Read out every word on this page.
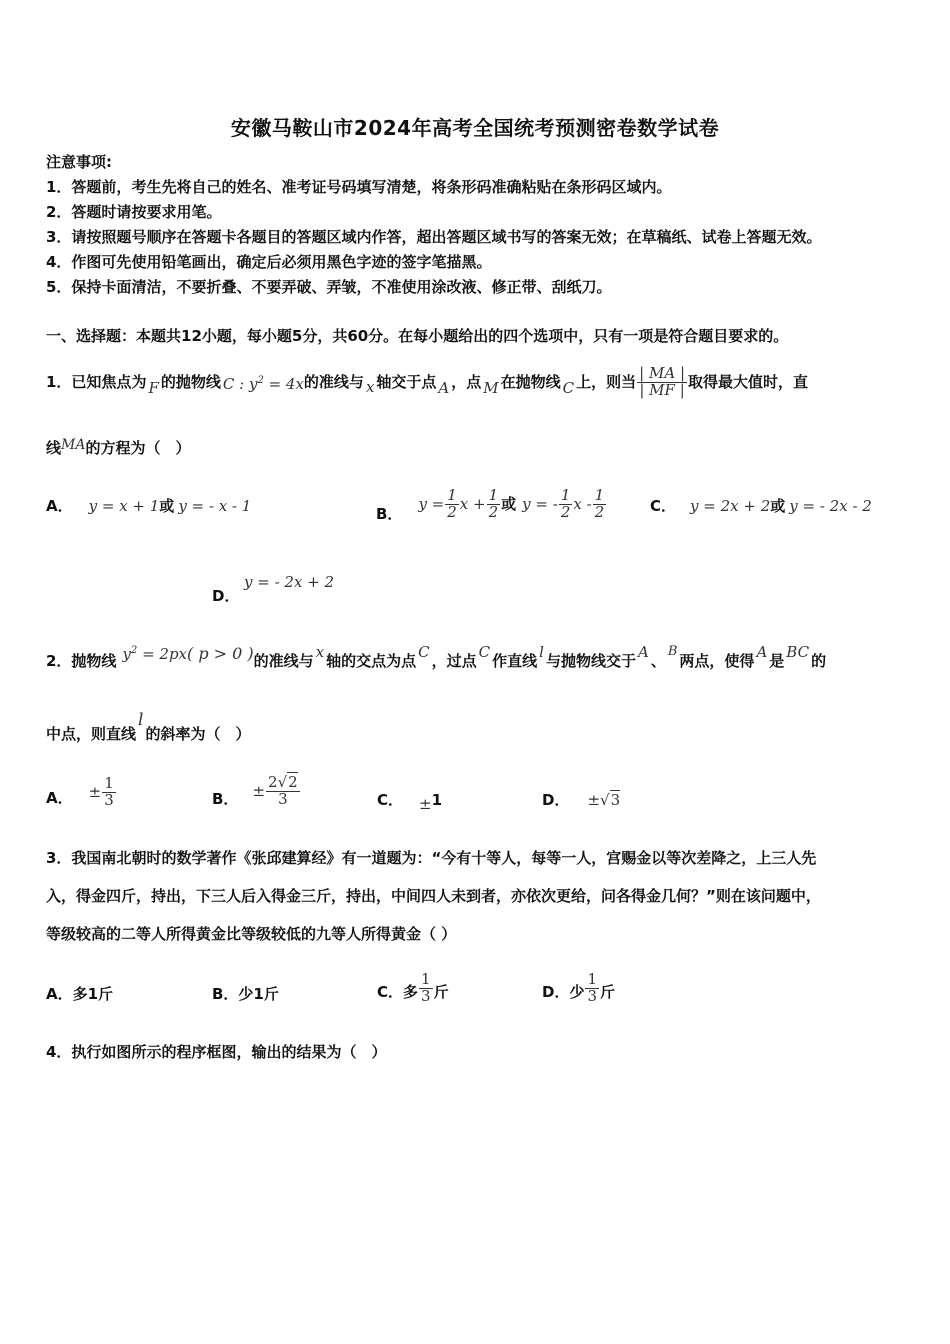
安徽马鞍山市2024年高考全国统考预测密卷数学试卷
注意事项:
1．答题前，考生先将自己的姓名、准考证号码填写清楚，将条形码准确粘贴在条形码区域内。
2．答题时请按要求用笔。
3．请按照题号顺序在答题卡各题目的答题区域内作答，超出答题区域书写的答案无效；在草稿纸、试卷上答题无效。
4．作图可先使用铅笔画出，确定后必须用黑色字迹的签字笔描黑。
5．保持卡面清洁，不要折叠、不要弄破、弄皱，不准使用涂改液、修正带、刮纸刀。
一、选择题：本题共12小题，每小题5分，共60分。在每小题给出的四个选项中，只有一项是符合题目要求的。
1．已知焦点为 F 的抛物线 C : $y^2 = 4x$ 的准线与 x 轴交于点 A ，点 M 在抛物线 C 上，则当 $\frac{| MA |}{| MF |}$ 取得最大值时，直
线MA的方程为（　）
A． y = x + 1 或 y = - x - 1	B．
$y = \frac{1}{2}$ $x + \frac{1}{2}$ 或 y = - $\frac{1}{2}$ x - $\frac{1}{2}$	C． y = 2x + 2 或 y = - 2x - 2
D．
y = - 2x + 2
2．抛物线 $y^2 = 2px$( p > 0 ) 的准线与 x 轴的交点为点 C ，过点 C 作直线 l 与抛物线交于 A 、
B
两点，使得 A 是 BC 的
中点，则直线
l
的斜率为（　）
A． ± $\frac{1}{3}$	B． ± $\frac{2√2}{3}$	C． ± 1	D． ± √3
3．我国南北朝时的数学著作《张邱建算经》有一道题为：“今有十等人，每等一人，宫赐金以等次差降之，上三人先
入，得金四斤，持出，下三人后入得金三斤，持出，中间四人未到者，亦依次更给，问各得金几何？”则在该问题中，
等级较高的二等人所得黄金比等级较低的九等人所得黄金（ ）
A．多1斤	B．少1斤	C．多 $\frac{1}{3}$ 斤	D．少 $\frac{1}{3}$ 斤
4．执行如图所示的程序框图，输出的结果为（　）
